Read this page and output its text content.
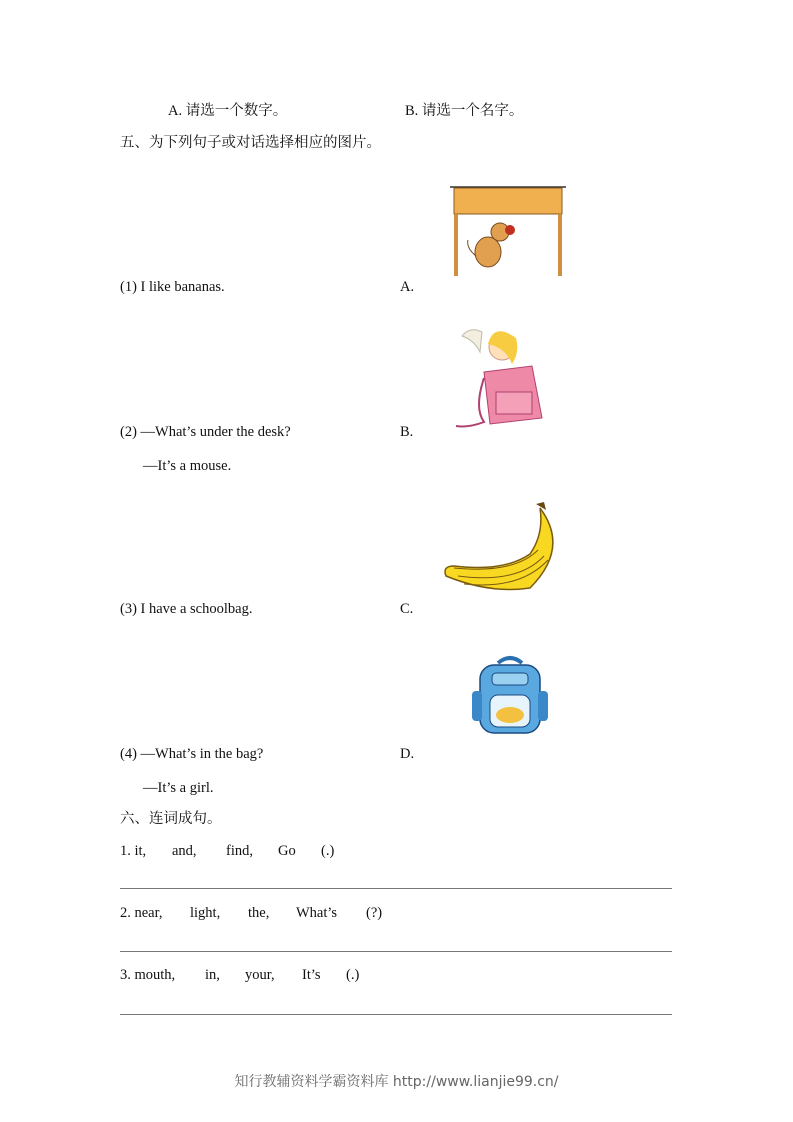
A. 请选一个数字。	B. 请选一个名字。
五、为下列句子或对话选择相应的图片。
(1) I like bananas.
(2) —What’s under the desk?
—It’s a mouse.
(3) I have a schoolbag.
(4) —What’s in the bag?
—It’s a girl.
A.
B.
C.
D.
六、连词成句。
1. it, and, find, Go (.)
2. near, light, the, What’s (?)
3. mouth, in, your, It’s (.)
知行教辅资料学霸资料库 http://www.lianjie99.cn/
